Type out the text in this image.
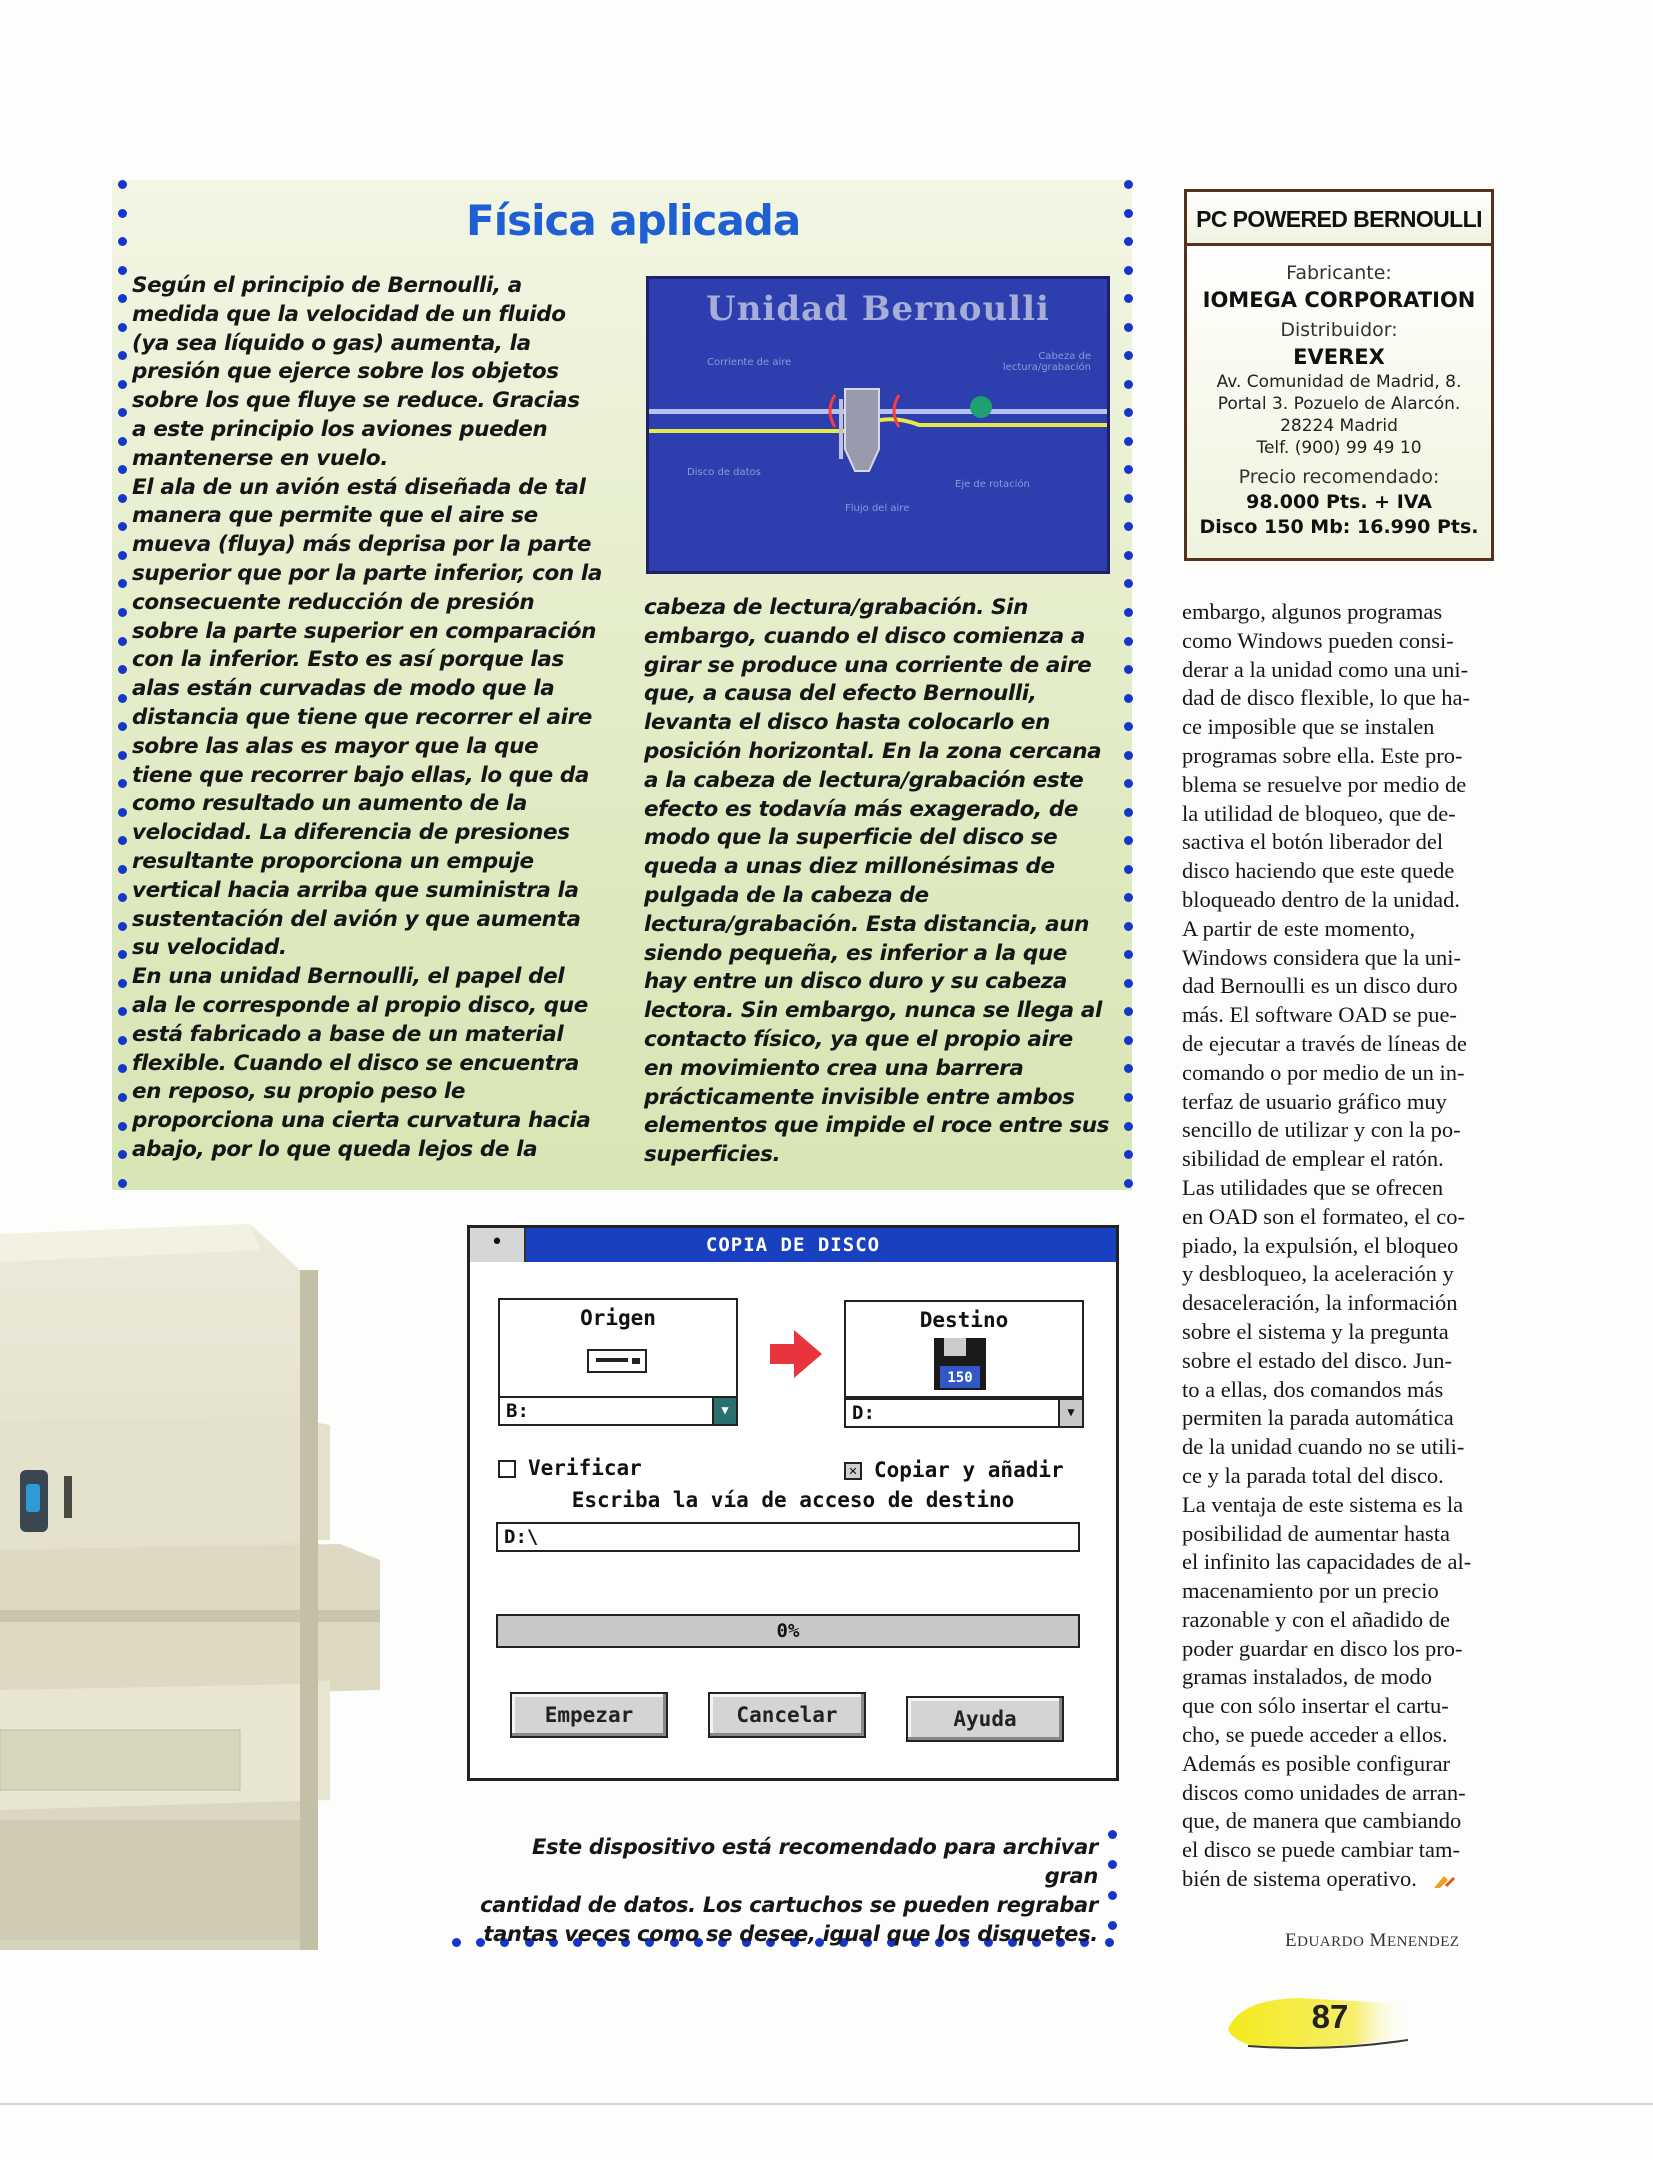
Física aplicada
Según el principio de Bernoulli, a
medida que la velocidad de un fluido
(ya sea líquido o gas) aumenta, la
presión que ejerce sobre los objetos
sobre los que fluye se reduce. Gracias
a este principio los aviones pueden
mantenerse en vuelo.
El ala de un avión está diseñada de tal
manera que permite que el aire se
mueva (fluya) más deprisa por la parte
superior que por la parte inferior, con la
consecuente reducción de presión
sobre la parte superior en comparación
con la inferior. Esto es así porque las
alas están curvadas de modo que la
distancia que tiene que recorrer el aire
sobre las alas es mayor que la que
tiene que recorrer bajo ellas, lo que da
como resultado un aumento de la
velocidad. La diferencia de presiones
resultante proporciona un empuje
vertical hacia arriba que suministra la
sustentación del avión y que aumenta
su velocidad.
En una unidad Bernoulli, el papel del
ala le corresponde al propio disco, que
está fabricado a base de un material
flexible. Cuando el disco se encuentra
en reposo, su propio peso le
proporciona una cierta curvatura hacia
abajo, por lo que queda lejos de la
cabeza de lectura/grabación. Sin
embargo, cuando el disco comienza a
girar se produce una corriente de aire
que, a causa del efecto Bernoulli,
levanta el disco hasta colocarlo en
posición horizontal. En la zona cercana
a la cabeza de lectura/grabación este
efecto es todavía más exagerado, de
modo que la superficie del disco se
queda a unas diez millonésimas de
pulgada de la cabeza de
lectura/grabación. Esta distancia, aun
siendo pequeña, es inferior a la que
hay entre un disco duro y su cabeza
lectora. Sin embargo, nunca se llega al
contacto físico, ya que el propio aire
en movimiento crea una barrera
prácticamente invisible entre ambos
elementos que impide el roce entre sus
superficies.
Unidad Bernoulli
Corriente de aire
Cabeza de lectura/grabación
Disco de datos
Eje de rotación
Flujo del aire
PC POWERED BERNOULLI
Fabricante:
IOMEGA CORPORATION
Distribuidor:
EVEREX
Av. Comunidad de Madrid, 8.
Portal 3. Pozuelo de Alarcón.
28224 Madrid
Telf. (900) 99 49 10
Precio recomendado:
98.000 Pts. + IVA
Disco 150 Mb: 16.990 Pts.
embargo, algunos programas
como Windows pueden consi-
derar a la unidad como una uni-
dad de disco flexible, lo que ha-
ce imposible que se instalen
programas sobre ella. Este pro-
blema se resuelve por medio de
la utilidad de bloqueo, que de-
sactiva el botón liberador del
disco haciendo que este quede
bloqueado dentro de la unidad.
A partir de este momento,
Windows considera que la uni-
dad Bernoulli es un disco duro
más. El software OAD se pue-
de ejecutar a través de líneas de
comando o por medio de un in-
terfaz de usuario gráfico muy
sencillo de utilizar y con la po-
sibilidad de emplear el ratón.
Las utilidades que se ofrecen
en OAD son el formateo, el co-
piado, la expulsión, el bloqueo
y desbloqueo, la aceleración y
desaceleración, la información
sobre el sistema y la pregunta
sobre el estado del disco. Jun-
to a ellas, dos comandos más
permiten la parada automática
de la unidad cuando no se utili-
ce y la parada total del disco.
La ventaja de este sistema es la
posibilidad de aumentar hasta
el infinito las capacidades de al-
macenamiento por un precio
razonable y con el añadido de
poder guardar en disco los pro-
gramas instalados, de modo
que con sólo insertar el cartu-
cho, se puede acceder a ellos.
Además es posible configurar
discos como unidades de arran-
que, de manera que cambiando
el disco se puede cambiar tam-
bién de sistema operativo.
EDUARDO MENENDEZ
COPIA DE DISCO
•
Origen
B:	▼
Destino
150
D:	▼
Verificar	✕ Copiar y añadir
Escriba la vía de acceso de destino
D:\
0%
Empezar	Cancelar	Ayuda
Este dispositivo está recomendado para archivar gran
cantidad de datos. Los cartuchos se pueden regrabar
tantas veces como se desee, igual que los disquetes.
87
